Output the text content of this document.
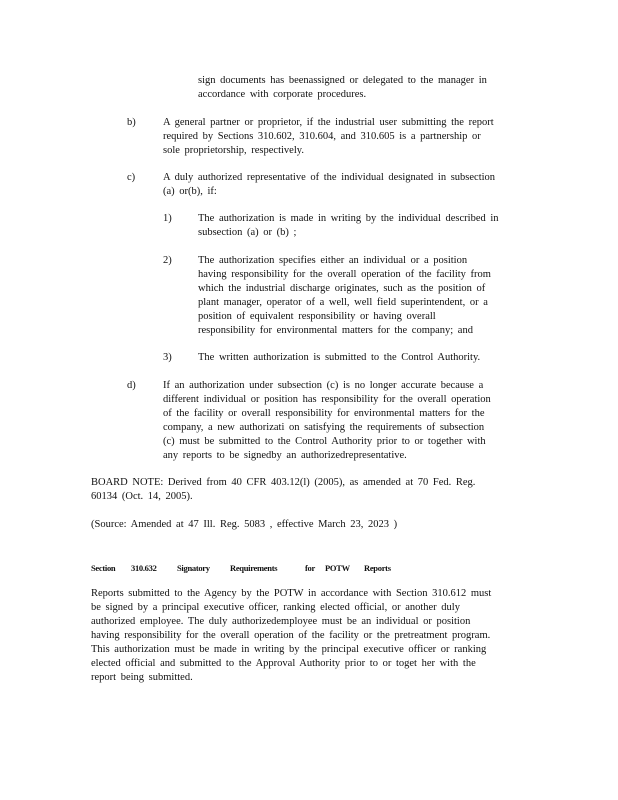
sign documents has beenassigned or delegated to the manager in
accordance with corporate procedures.
b)	A general partner or proprietor, if the industrial user submitting the report
required by Sections 310.602, 310.604, and 310.605 is a partnership or
sole proprietorship, respectively.
c)	A duly authorized representative of the individual designated in subsection
(a) or(b), if:
1)	The authorization is made in writing by the individual described in
subsection (a) or (b) ;
2)	The authorization specifies either an individual or a position
having responsibility for the overall operation of the facility from
which the industrial discharge originates, such as the position of
plant manager, operator of a well, well field superintendent, or a
position of equivalent responsibility or having overall
responsibility for environmental matters for the company; and
3)	The written authorization is submitted to the Control Authority.
d)	If an authorization under subsection (c) is no longer accurate because a
different individual or position has responsibility for the overall operation
of the facility or overall responsibility for environmental matters for the
company, a new authorizati on satisfying the requirements of subsection
(c) must be submitted to the Control Authority prior to or together with
any reports to be signedby an authorizedrepresentative.
BOARD NOTE: Derived from 40 CFR 403.12(l) (2005), as amended at 70 Fed. Reg.
60134 (Oct. 14, 2005).
(Source: Amended at 47 Ill. Reg. 5083 , effective March 23, 2023 )
Section 310.632 Signatory Requirements	for POTW Reports
Reports submitted to the Agency by the POTW in accordance with Section 310.612 must
be signed by a principal executive officer, ranking elected official, or another duly
authorized employee. The duly authorizedemployee must be an individual or position
having responsibility for the overall operation of the facility or the pretreatment program.
This authorization must be made in writing by the principal executive officer or ranking
elected official and submitted to the Approval Authority prior to or toget her with the
report being submitted.
